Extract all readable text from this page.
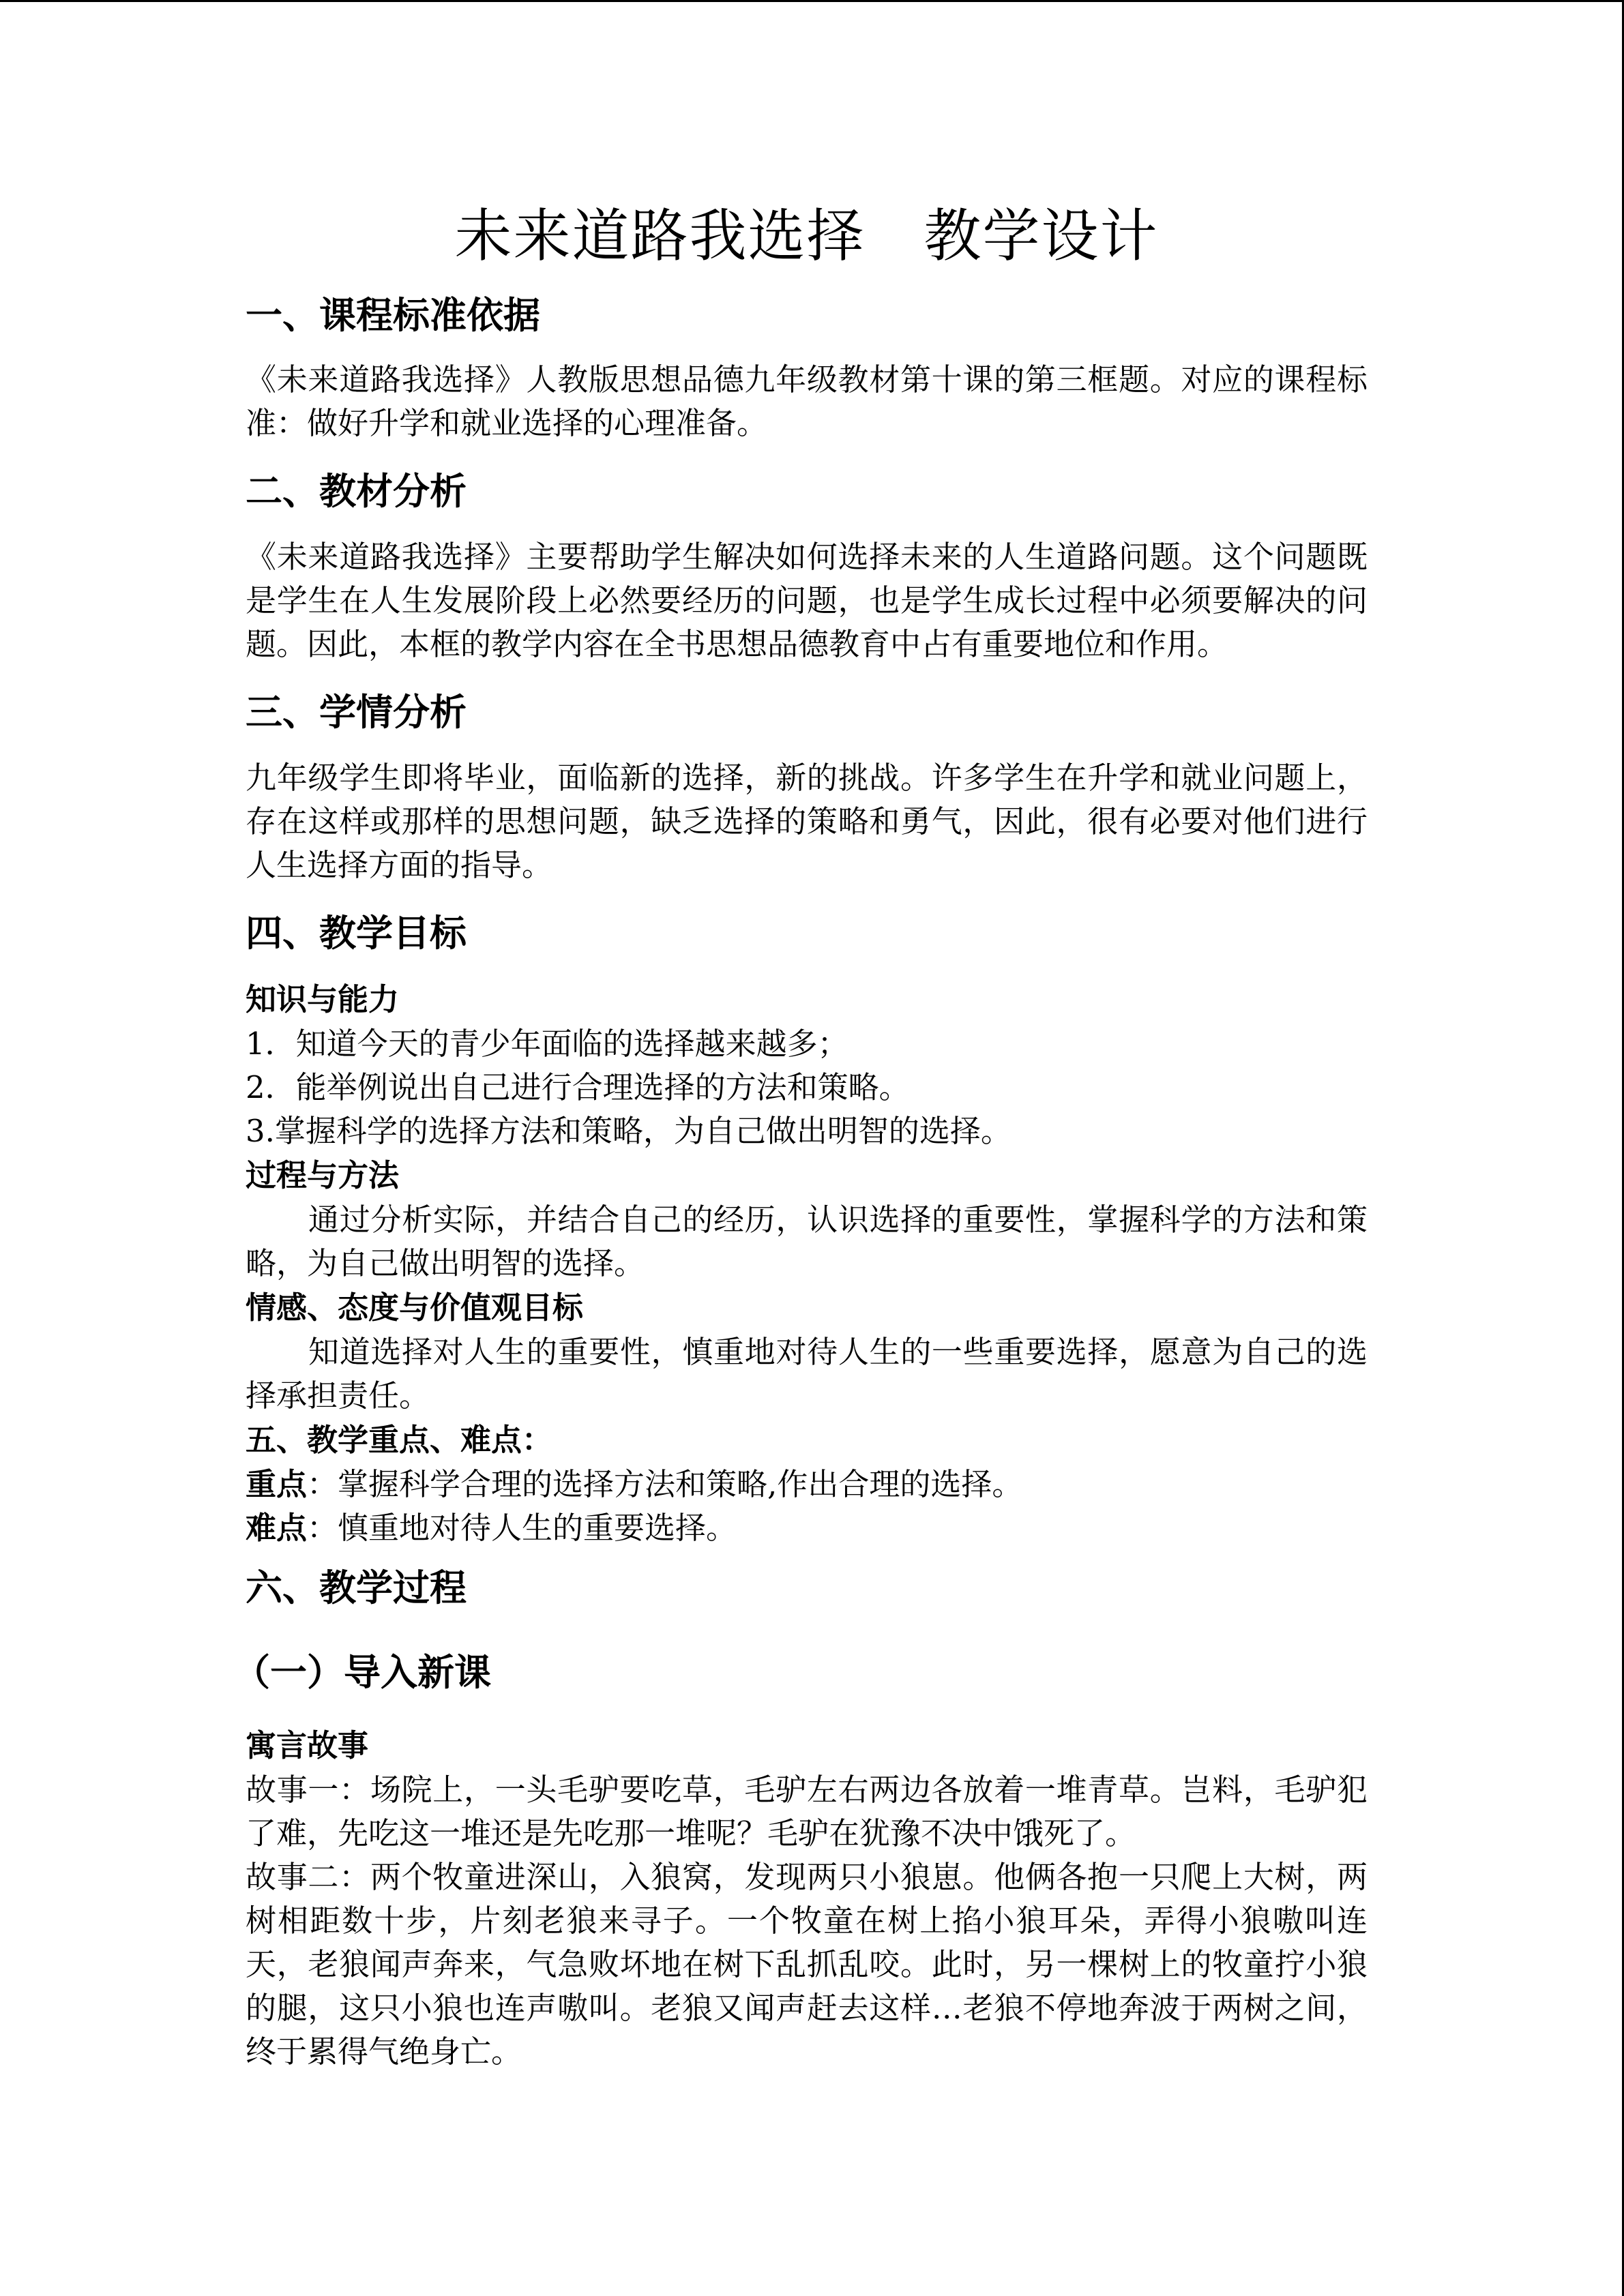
未来道路我选择　教学设计
一、课程标准依据
《未来道路我选择》人教版思想品德九年级教材第十课的第三框题。对应的课程标准：做好升学和就业选择的心理准备。
二、教材分析
《未来道路我选择》主要帮助学生解决如何选择未来的人生道路问题。这个问题既是学生在人生发展阶段上必然要经历的问题，也是学生成长过程中必须要解决的问题。因此，本框的教学内容在全书思想品德教育中占有重要地位和作用。
三、学情分析
九年级学生即将毕业，面临新的选择，新的挑战。许多学生在升学和就业问题上，存在这样或那样的思想问题，缺乏选择的策略和勇气，因此，很有必要对他们进行人生选择方面的指导。
四、教学目标
知识与能力
1．知道今天的青少年面临的选择越来越多；
2．能举例说出自己进行合理选择的方法和策略。
3.掌握科学的选择方法和策略，为自己做出明智的选择。
过程与方法
通过分析实际，并结合自己的经历，认识选择的重要性，掌握科学的方法和策略，为自己做出明智的选择。
情感、态度与价值观目标
知道选择对人生的重要性，慎重地对待人生的一些重要选择，愿意为自己的选择承担责任。
五、教学重点、难点：
重点：掌握科学合理的选择方法和策略,作出合理的选择。
难点：慎重地对待人生的重要选择。
六、教学过程
（一）导入新课
寓言故事
故事一：场院上，一头毛驴要吃草，毛驴左右两边各放着一堆青草。岂料，毛驴犯了难，先吃这一堆还是先吃那一堆呢？毛驴在犹豫不决中饿死了。
故事二：两个牧童进深山，入狼窝，发现两只小狼崽。他俩各抱一只爬上大树，两树相距数十步，片刻老狼来寻子。一个牧童在树上掐小狼耳朵，弄得小狼嗷叫连天，老狼闻声奔来，气急败坏地在树下乱抓乱咬。此时，另一棵树上的牧童拧小狼的腿，这只小狼也连声嗷叫。老狼又闻声赶去这样…老狼不停地奔波于两树之间，终于累得气绝身亡。
